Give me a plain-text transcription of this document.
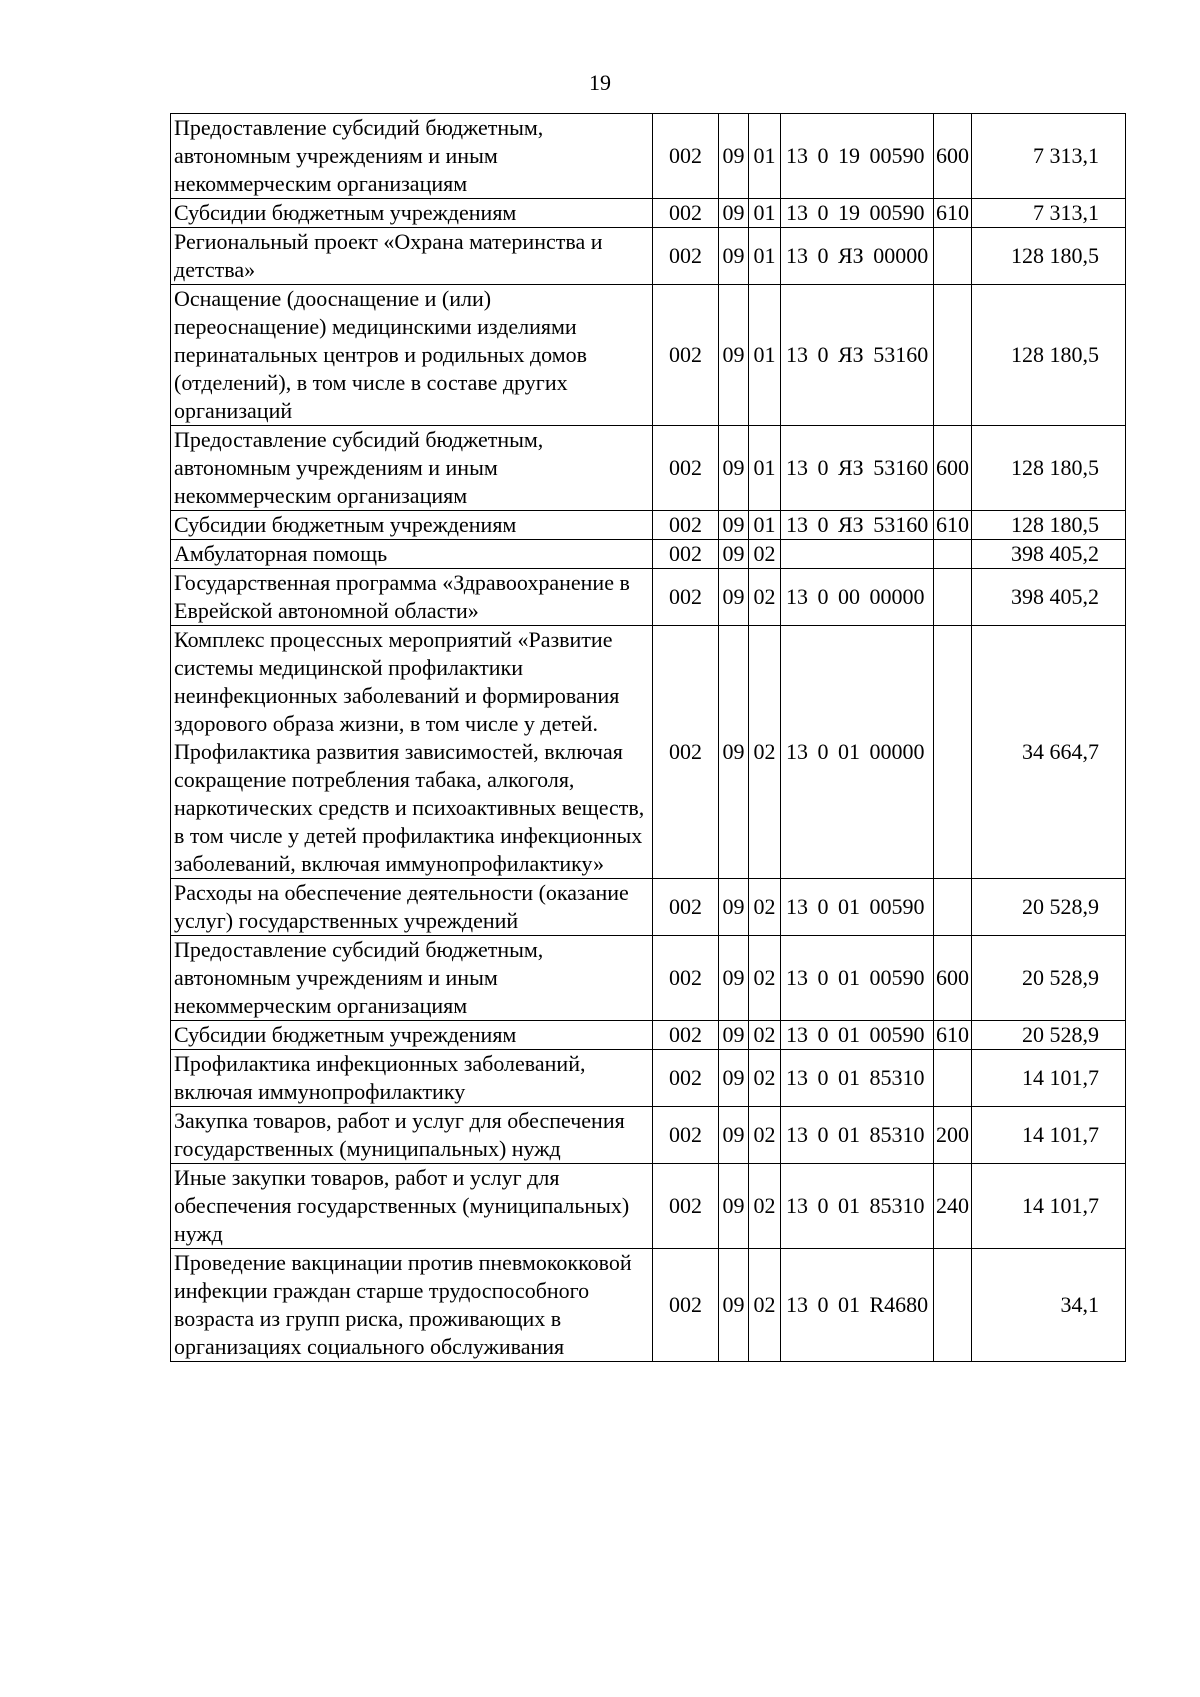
19
Предоставление субсидий бюджетным, автономным учреждениям и иным некоммерческим организациям	002	09	01	13 0 19 00590	600	7 313,1
Субсидии бюджетным учреждениям	002	09	01	13 0 19 00590	610	7 313,1
Региональный проект «Охрана материнства и детства»	002	09	01	13 0 ЯЗ 00000		128 180,5
Оснащение (дооснащение и (или) переоснащение) медицинскими изделиями перинатальных центров и родильных домов (отделений), в том числе в составе других организаций	002	09	01	13 0 ЯЗ 53160		128 180,5
Предоставление субсидий бюджетным, автономным учреждениям и иным некоммерческим организациям	002	09	01	13 0 ЯЗ 53160	600	128 180,5
Субсидии бюджетным учреждениям	002	09	01	13 0 ЯЗ 53160	610	128 180,5
Амбулаторная помощь	002	09	02			398 405,2
Государственная программа «Здравоохранение в Еврейской автономной области»	002	09	02	13 0 00 00000		398 405,2
Комплекс процессных мероприятий «Развитие системы медицинской профилактики неинфекционных заболеваний и формирования здорового образа жизни, в том числе у детей. Профилактика развития зависимостей, включая сокращение потребления табака, алкоголя, наркотических средств и психоактивных веществ, в том числе у детей профилактика инфекционных заболеваний, включая иммунопрофилактику»	002	09	02	13 0 01 00000		34 664,7
Расходы на обеспечение деятельности (оказание услуг) государственных учреждений	002	09	02	13 0 01 00590		20 528,9
Предоставление субсидий бюджетным, автономным учреждениям и иным некоммерческим организациям	002	09	02	13 0 01 00590	600	20 528,9
Субсидии бюджетным учреждениям	002	09	02	13 0 01 00590	610	20 528,9
Профилактика инфекционных заболеваний, включая иммунопрофилактику	002	09	02	13 0 01 85310		14 101,7
Закупка товаров, работ и услуг для обеспечения государственных (муниципальных) нужд	002	09	02	13 0 01 85310	200	14 101,7
Иные закупки товаров, работ и услуг для обеспечения государственных (муниципальных) нужд	002	09	02	13 0 01 85310	240	14 101,7
Проведение вакцинации против пневмококковой инфекции граждан старше трудоспособного возраста из групп риска, проживающих в организациях социального обслуживания	002	09	02	13 0 01 R4680		34,1
